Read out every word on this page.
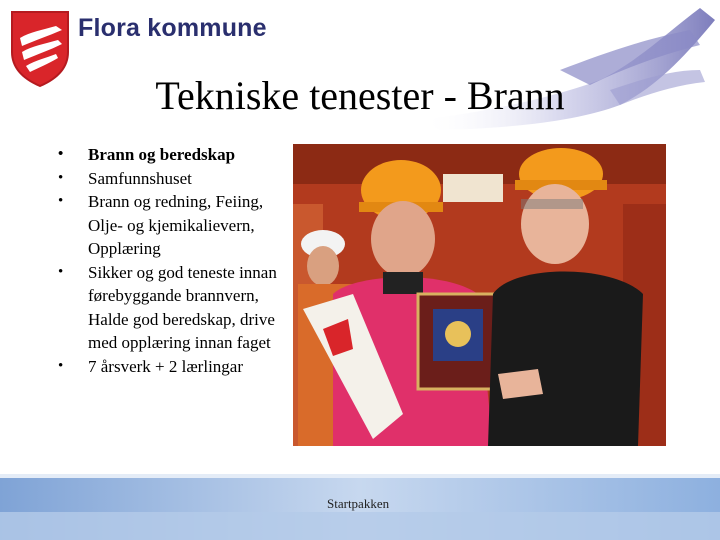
Flora kommune
Tekniske tenester - Brann
• Brann og beredskap
• Samfunnshuset
• Brann og redning, Feiing, Olje- og kjemikalievern, Opplæring
• Sikker og god teneste innan førebyggande brannvern, Halde god beredskap, drive med opplæring innan faget
• 7 årsverk + 2 lærlingar
Startpakken
